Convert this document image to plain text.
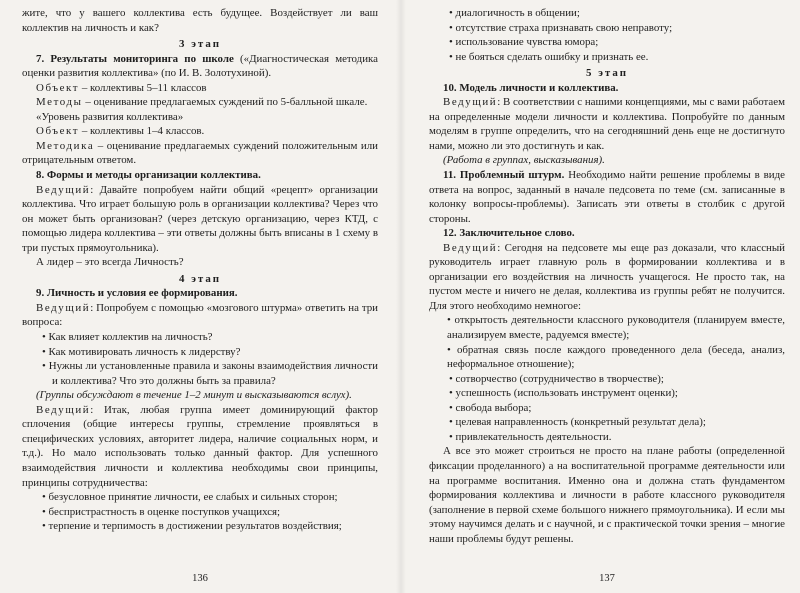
жите, что у вашего коллектива есть будущее. Воздействует ли ваш коллектив на личность и как?

3 этап

7. Результаты мониторинга по школе («Диагностическая методика оценки развития коллектива» (по И. В. Золотухиной).

Объект – коллективы 5–11 классов

Методы – оценивание предлагаемых суждений по 5-балльной шкале.

«Уровень развития коллектива»

Объект – коллективы 1–4 классов.

Методика – оценивание предлагаемых суждений положительным или отрицательным ответом.

8. Формы и методы организации коллектива.

Ведущий: Давайте попробуем найти общий «рецепт» организации коллектива. Что играет большую роль в организации коллектива? Через что он может быть организован? (через детскую организацию, через КТД, с помощью лидера коллектива – эти ответы должны быть вписаны в 1 схему в три пустых прямоугольника).

А лидер – это всегда Личность?

4 этап

9. Личность и условия ее формирования.

Ведущий: Попробуем с помощью «мозгового штурма» ответить на три вопроса:

• Как влияет коллектив на личность?

• Как мотивировать личность к лидерству?

• Нужны ли установленные правила и законы взаимодействия личности и коллектива? Что это должны быть за правила?

(Группы обсуждают в течение 1–2 минут и высказываются вслух).

Ведущий: Итак, любая группа имеет доминирующий фактор сплочения (общие интересы группы, стремление проявляться в специфических условиях, авторитет лидера, наличие социальных норм, и т.д.). Но мало использовать только данный фактор. Для успешного взаимодействия личности и коллектива необходимы свои принципы, принципы сотрудничества:

• безусловное принятие личности, ее слабых и сильных сторон;

• беспристрастность в оценке поступков учащихся;

• терпение и терпимость в достижении результатов воздействия;

136

• диалогичность в общении;

• отсутствие страха признавать свою неправоту;

• использование чувства юмора;

• не бояться сделать ошибку и признать ее.

5 этап

10. Модель личности и коллектива.

Ведущий: В соответствии с нашими концепциями, мы с вами работаем на определенные модели личности и коллектива. Попробуйте по данным моделям в группе определить, что на сегодняшний день еще не достигнуто нами, можно ли это достигнуть и как.

(Работа в группах, высказывания).

11. Проблемный штурм. Необходимо найти решение проблемы в виде ответа на вопрос, заданный в начале педсовета по теме (см. записанные в колонку вопросы-проблемы). Записать эти ответы в столбик с другой стороны.

12. Заключительное слово.

Ведущий: Сегодня на педсовете мы еще раз доказали, что классный руководитель играет главную роль в формировании коллектива и в организации его воздействия на личность учащегося. Не просто так, на пустом месте и ничего не делая, коллектива из группы ребят не получится. Для этого необходимо немногое:

• открытость деятельности классного руководителя (планируем вместе, анализируем вместе, радуемся вместе);

• обратная связь после каждого проведенного дела (беседа, анализ, неформальное отношение);

• сотворчество (сотрудничество в творчестве);

• успешность (использовать инструмент оценки);

• свобода выбора;

• целевая направленность (конкретный результат дела);

• привлекательность деятельности.

А все это может строиться не просто на плане работы (определенной фиксации проделанного) а на воспитательной программе деятельности или на программе воспитания. Именно она и должна стать фундаментом формирования коллектива и личности в работе классного руководителя (заполнение в первой схеме большого нижнего прямоугольника). И если мы этому научимся делать и с научной, и с практической точки зрения – многие наши проблемы будут решены.

137
